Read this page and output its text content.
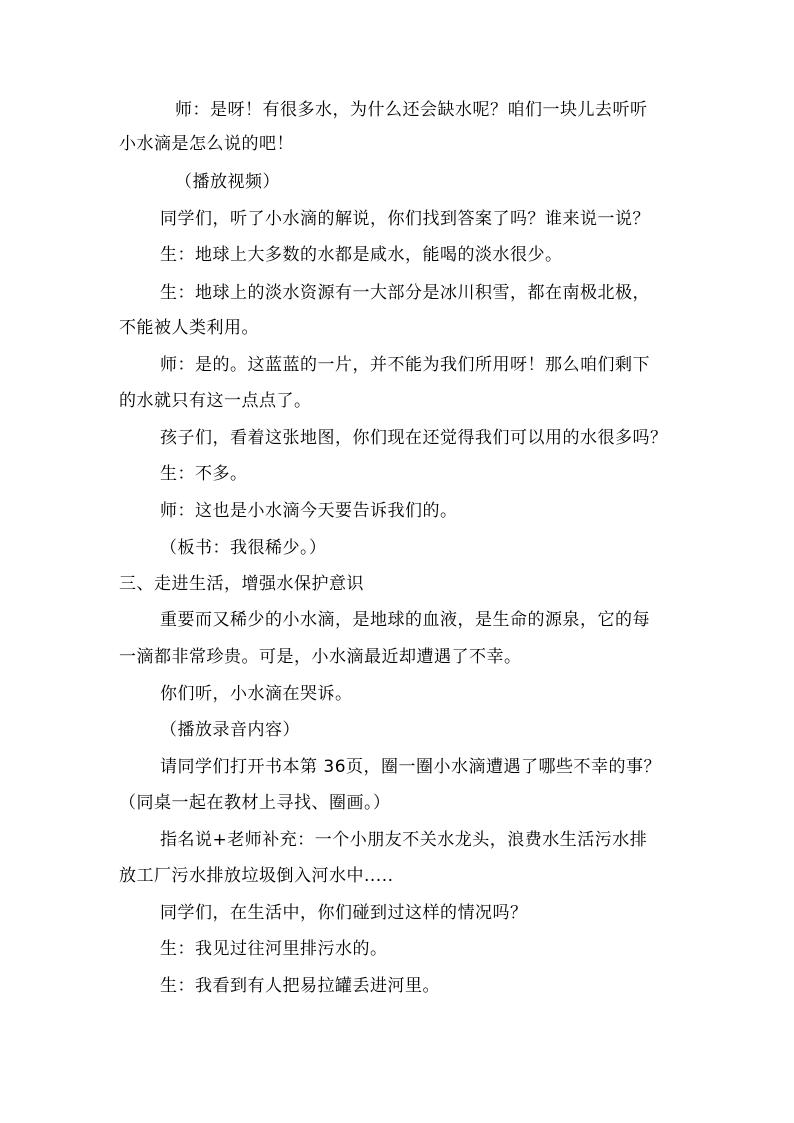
师：是呀！有很多水，为什么还会缺水呢？咱们一块儿去听听
小水滴是怎么说的吧！
（播放视频）
同学们，听了小水滴的解说，你们找到答案了吗？谁来说一说？
生：地球上大多数的水都是咸水，能喝的淡水很少。
生：地球上的淡水资源有一大部分是冰川积雪，都在南极北极，
不能被人类利用。
师：是的。这蓝蓝的一片，并不能为我们所用呀！那么咱们剩下
的水就只有这一点点了。
孩子们，看着这张地图，你们现在还觉得我们可以用的水很多吗？
生：不多。
师：这也是小水滴今天要告诉我们的。
（板书：我很稀少。）
三、走进生活，增强水保护意识
重要而又稀少的小水滴，是地球的血液，是生命的源泉，它的每
一滴都非常珍贵。可是，小水滴最近却遭遇了不幸。
你们听，小水滴在哭诉。
（播放录音内容）
请同学们打开书本第 36页，圈一圈小水滴遭遇了哪些不幸的事？
（同桌一起在教材上寻找、圈画。）
指名说+老师补充：一个小朋友不关水龙头，浪费水生活污水排
放工厂污水排放垃圾倒入河水中.....
同学们，在生活中，你们碰到过这样的情况吗？
生：我见过往河里排污水的。
生：我看到有人把易拉罐丢进河里。
